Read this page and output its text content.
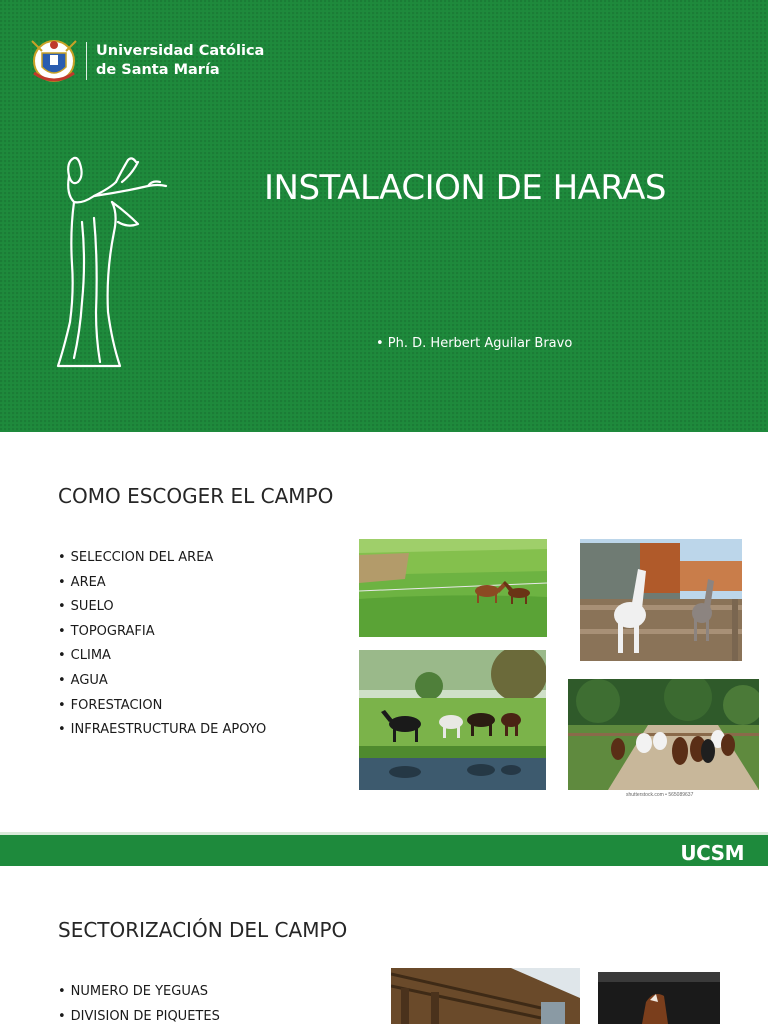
Universidad Católica
de Santa María
INSTALACION DE HARAS
• Ph. D. Herbert Aguilar Bravo
COMO ESCOGER EL CAMPO
• SELECCION DEL AREA
• AREA
• SUELO
• TOPOGRAFIA
• CLIMA
• AGUA
• FORESTACION
• INFRAESTRUCTURA DE APOYO
shutterstock.com • 565089637
UCSM
SECTORIZACIÓN DEL CAMPO
• NUMERO DE YEGUAS
• DIVISION DE PIQUETES
